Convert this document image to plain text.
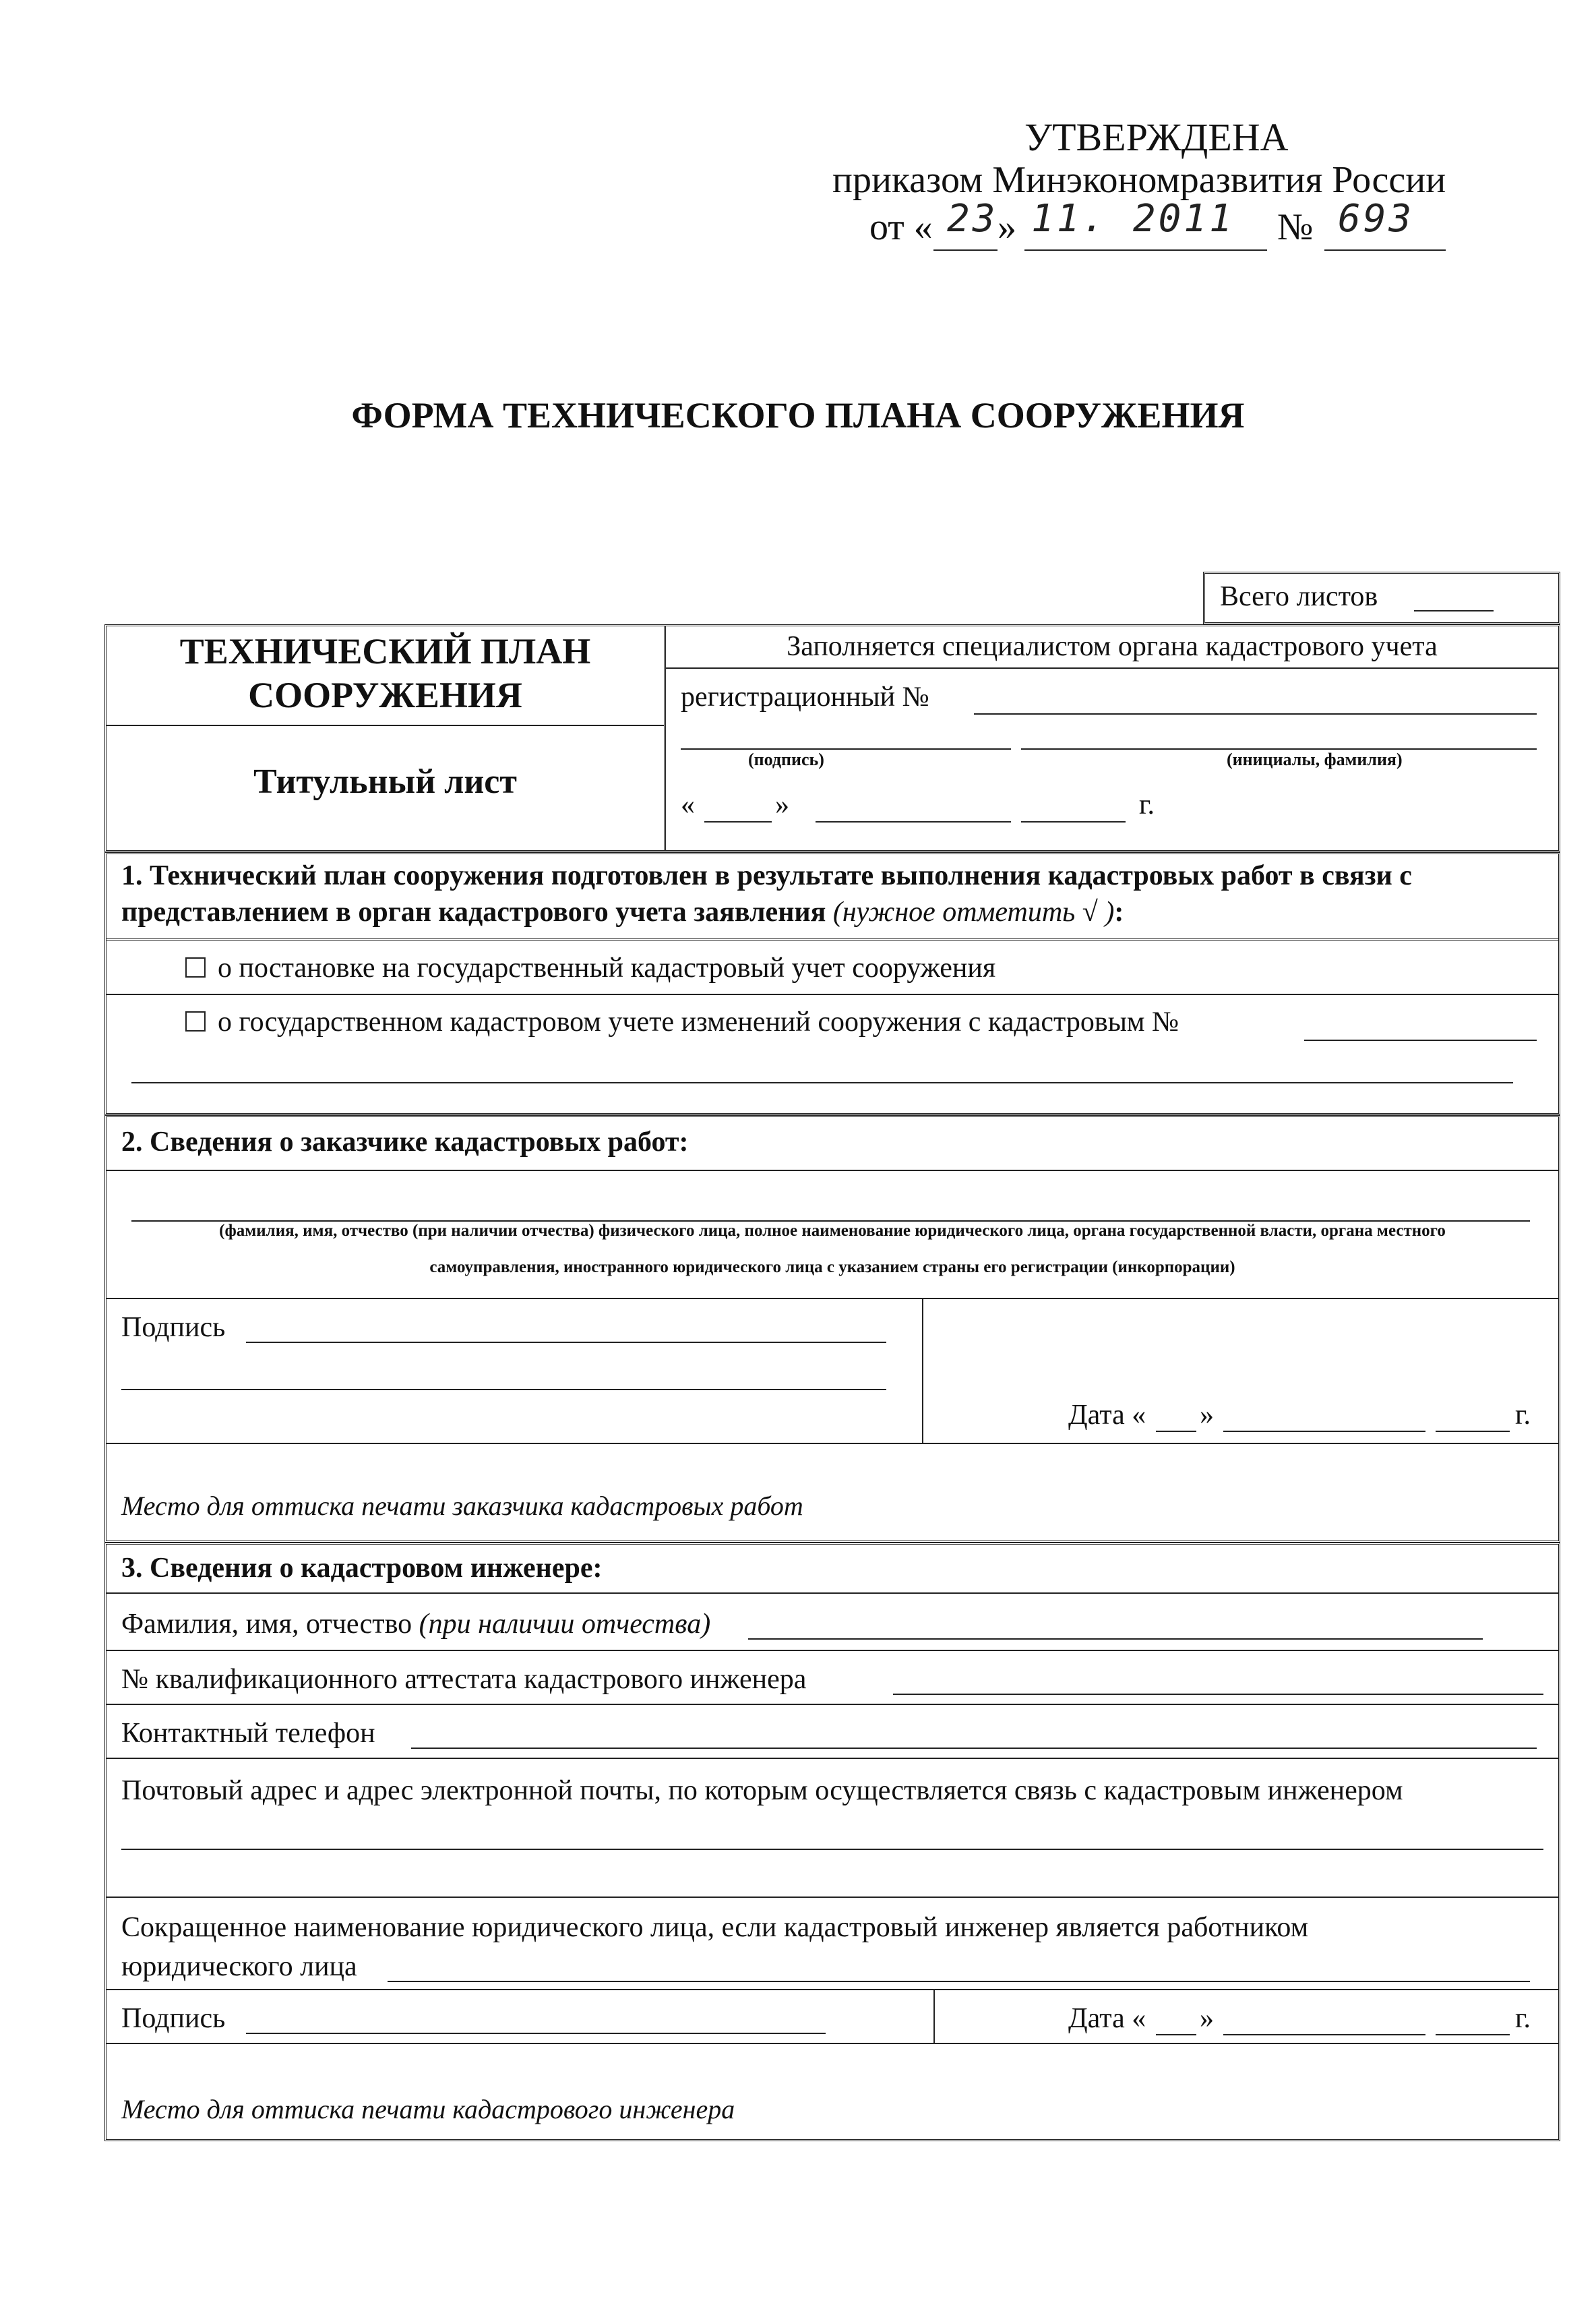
УТВЕРЖДЕНА
приказом Минэкономразвития России
от « 23 » 11. 2011 № 693
ФОРМА ТЕХНИЧЕСКОГО ПЛАНА СООРУЖЕНИЯ
Всего листов
ТЕХНИЧЕСКИЙ ПЛАН
СООРУЖЕНИЯ
Титульный лист
Заполняется специалистом органа кадастрового учета
регистрационный №
(подпись)	(инициалы, фамилия)
«	»	г.
1. Технический план сооружения подготовлен в результате выполнения кадастровых работ в связи с представлением в орган кадастрового учета заявления (нужное отметить √ ):
о постановке на государственный кадастровый учет сооружения
о государственном кадастровом учете изменений сооружения с кадастровым №
2. Сведения о заказчике кадастровых работ:
(фамилия, имя, отчество (при наличии отчества) физического лица, полное наименование юридического лица, органа государственной власти, органа местного
самоуправления, иностранного юридического лица с указанием страны его регистрации (инкорпорации)
Подпись
Дата « »	г.
Место для оттиска печати заказчика кадастровых работ
3. Сведения о кадастровом инженере:
Фамилия, имя, отчество (при наличии отчества)
№ квалификационного аттестата кадастрового инженера
Контактный телефон
Почтовый адрес и адрес электронной почты, по которым осуществляется связь с кадастровым инженером
Сокращенное наименование юридического лица, если кадастровый инженер является работником
юридического лица
Подпись	Дата « »	г.
Место для оттиска печати кадастрового инженера
